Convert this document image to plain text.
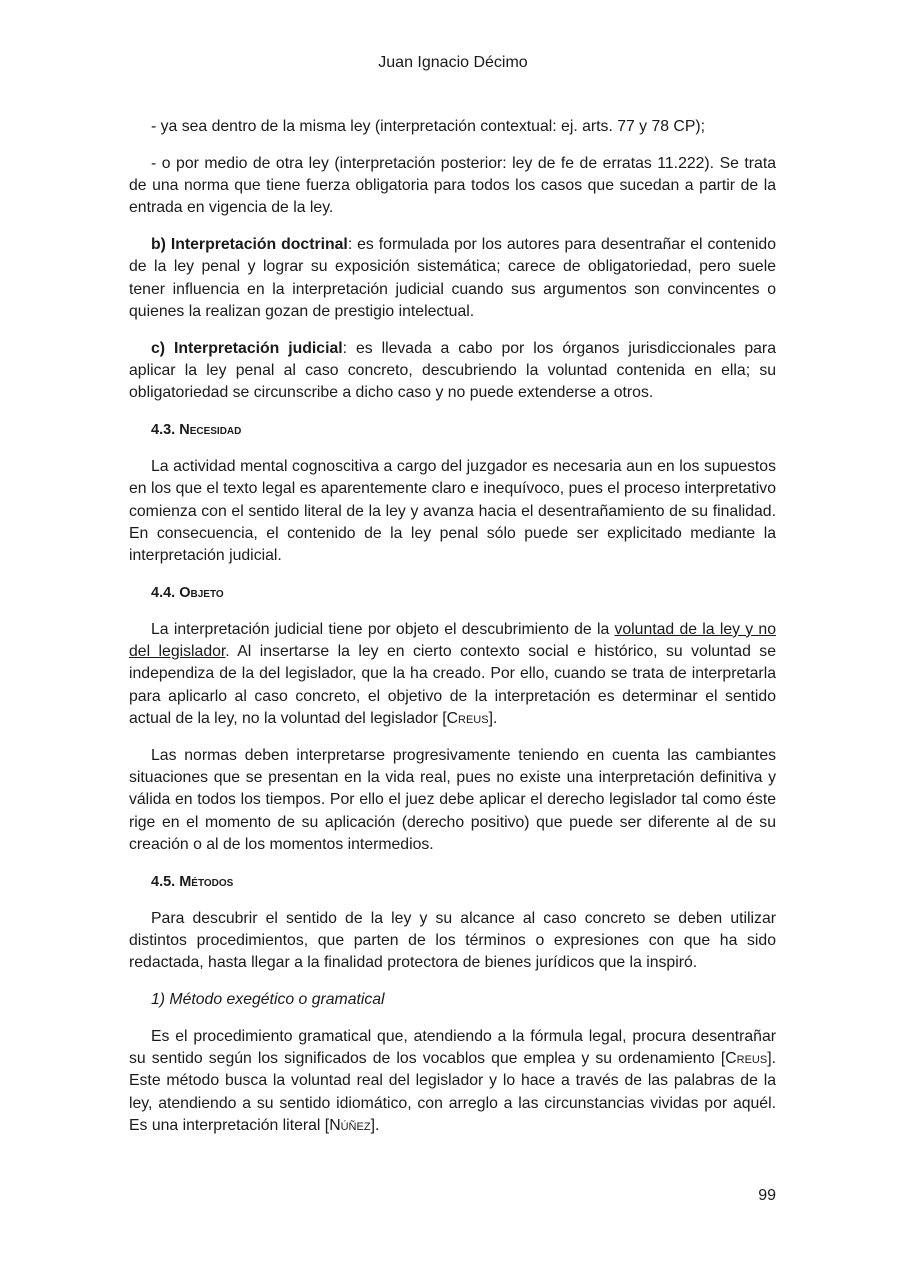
Juan Ignacio Décimo

- ya sea dentro de la misma ley (interpretación contextual: ej. arts. 77 y 78 CP);

- o por medio de otra ley (interpretación posterior: ley de fe de erratas 11.222). Se trata de una norma que tiene fuerza obligatoria para todos los casos que sucedan a partir de la entrada en vigencia de la ley.

b) Interpretación doctrinal: es formulada por los autores para desentrañar el contenido de la ley penal y lograr su exposición sistemática; carece de obligatoriedad, pero suele tener influencia en la interpretación judicial cuando sus argumentos son convincentes o quienes la realizan gozan de prestigio intelectual.

c) Interpretación judicial: es llevada a cabo por los órganos jurisdiccionales para aplicar la ley penal al caso concreto, descubriendo la voluntad contenida en ella; su obligatoriedad se circunscribe a dicho caso y no puede extenderse a otros.

4.3. Necesidad

La actividad mental cognoscitiva a cargo del juzgador es necesaria aun en los supuestos en los que el texto legal es aparentemente claro e inequívoco, pues el proceso interpretativo comienza con el sentido literal de la ley y avanza hacia el desentrañamiento de su finalidad. En consecuencia, el contenido de la ley penal sólo puede ser explicitado mediante la interpretación judicial.

4.4. Objeto

La interpretación judicial tiene por objeto el descubrimiento de la voluntad de la ley y no del legislador. Al insertarse la ley en cierto contexto social e histórico, su voluntad se independiza de la del legislador, que la ha creado. Por ello, cuando se trata de interpretarla para aplicarlo al caso concreto, el objetivo de la interpretación es determinar el sentido actual de la ley, no la voluntad del legislador [Creus].

Las normas deben interpretarse progresivamente teniendo en cuenta las cambiantes situaciones que se presentan en la vida real, pues no existe una interpretación definitiva y válida en todos los tiempos. Por ello el juez debe aplicar el derecho legislador tal como éste rige en el momento de su aplicación (derecho positivo) que puede ser diferente al de su creación o al de los momentos intermedios.

4.5. Métodos

Para descubrir el sentido de la ley y su alcance al caso concreto se deben utilizar distintos procedimientos, que parten de los términos o expresiones con que ha sido redactada, hasta llegar a la finalidad protectora de bienes jurídicos que la inspiró.

1) Método exegético o gramatical

Es el procedimiento gramatical que, atendiendo a la fórmula legal, procura desentrañar su sentido según los significados de los vocablos que emplea y su ordenamiento [Creus]. Este método busca la voluntad real del legislador y lo hace a través de las palabras de la ley, atendiendo a su sentido idiomático, con arreglo a las circunstancias vividas por aquél. Es una interpretación literal [Núñez].

99
